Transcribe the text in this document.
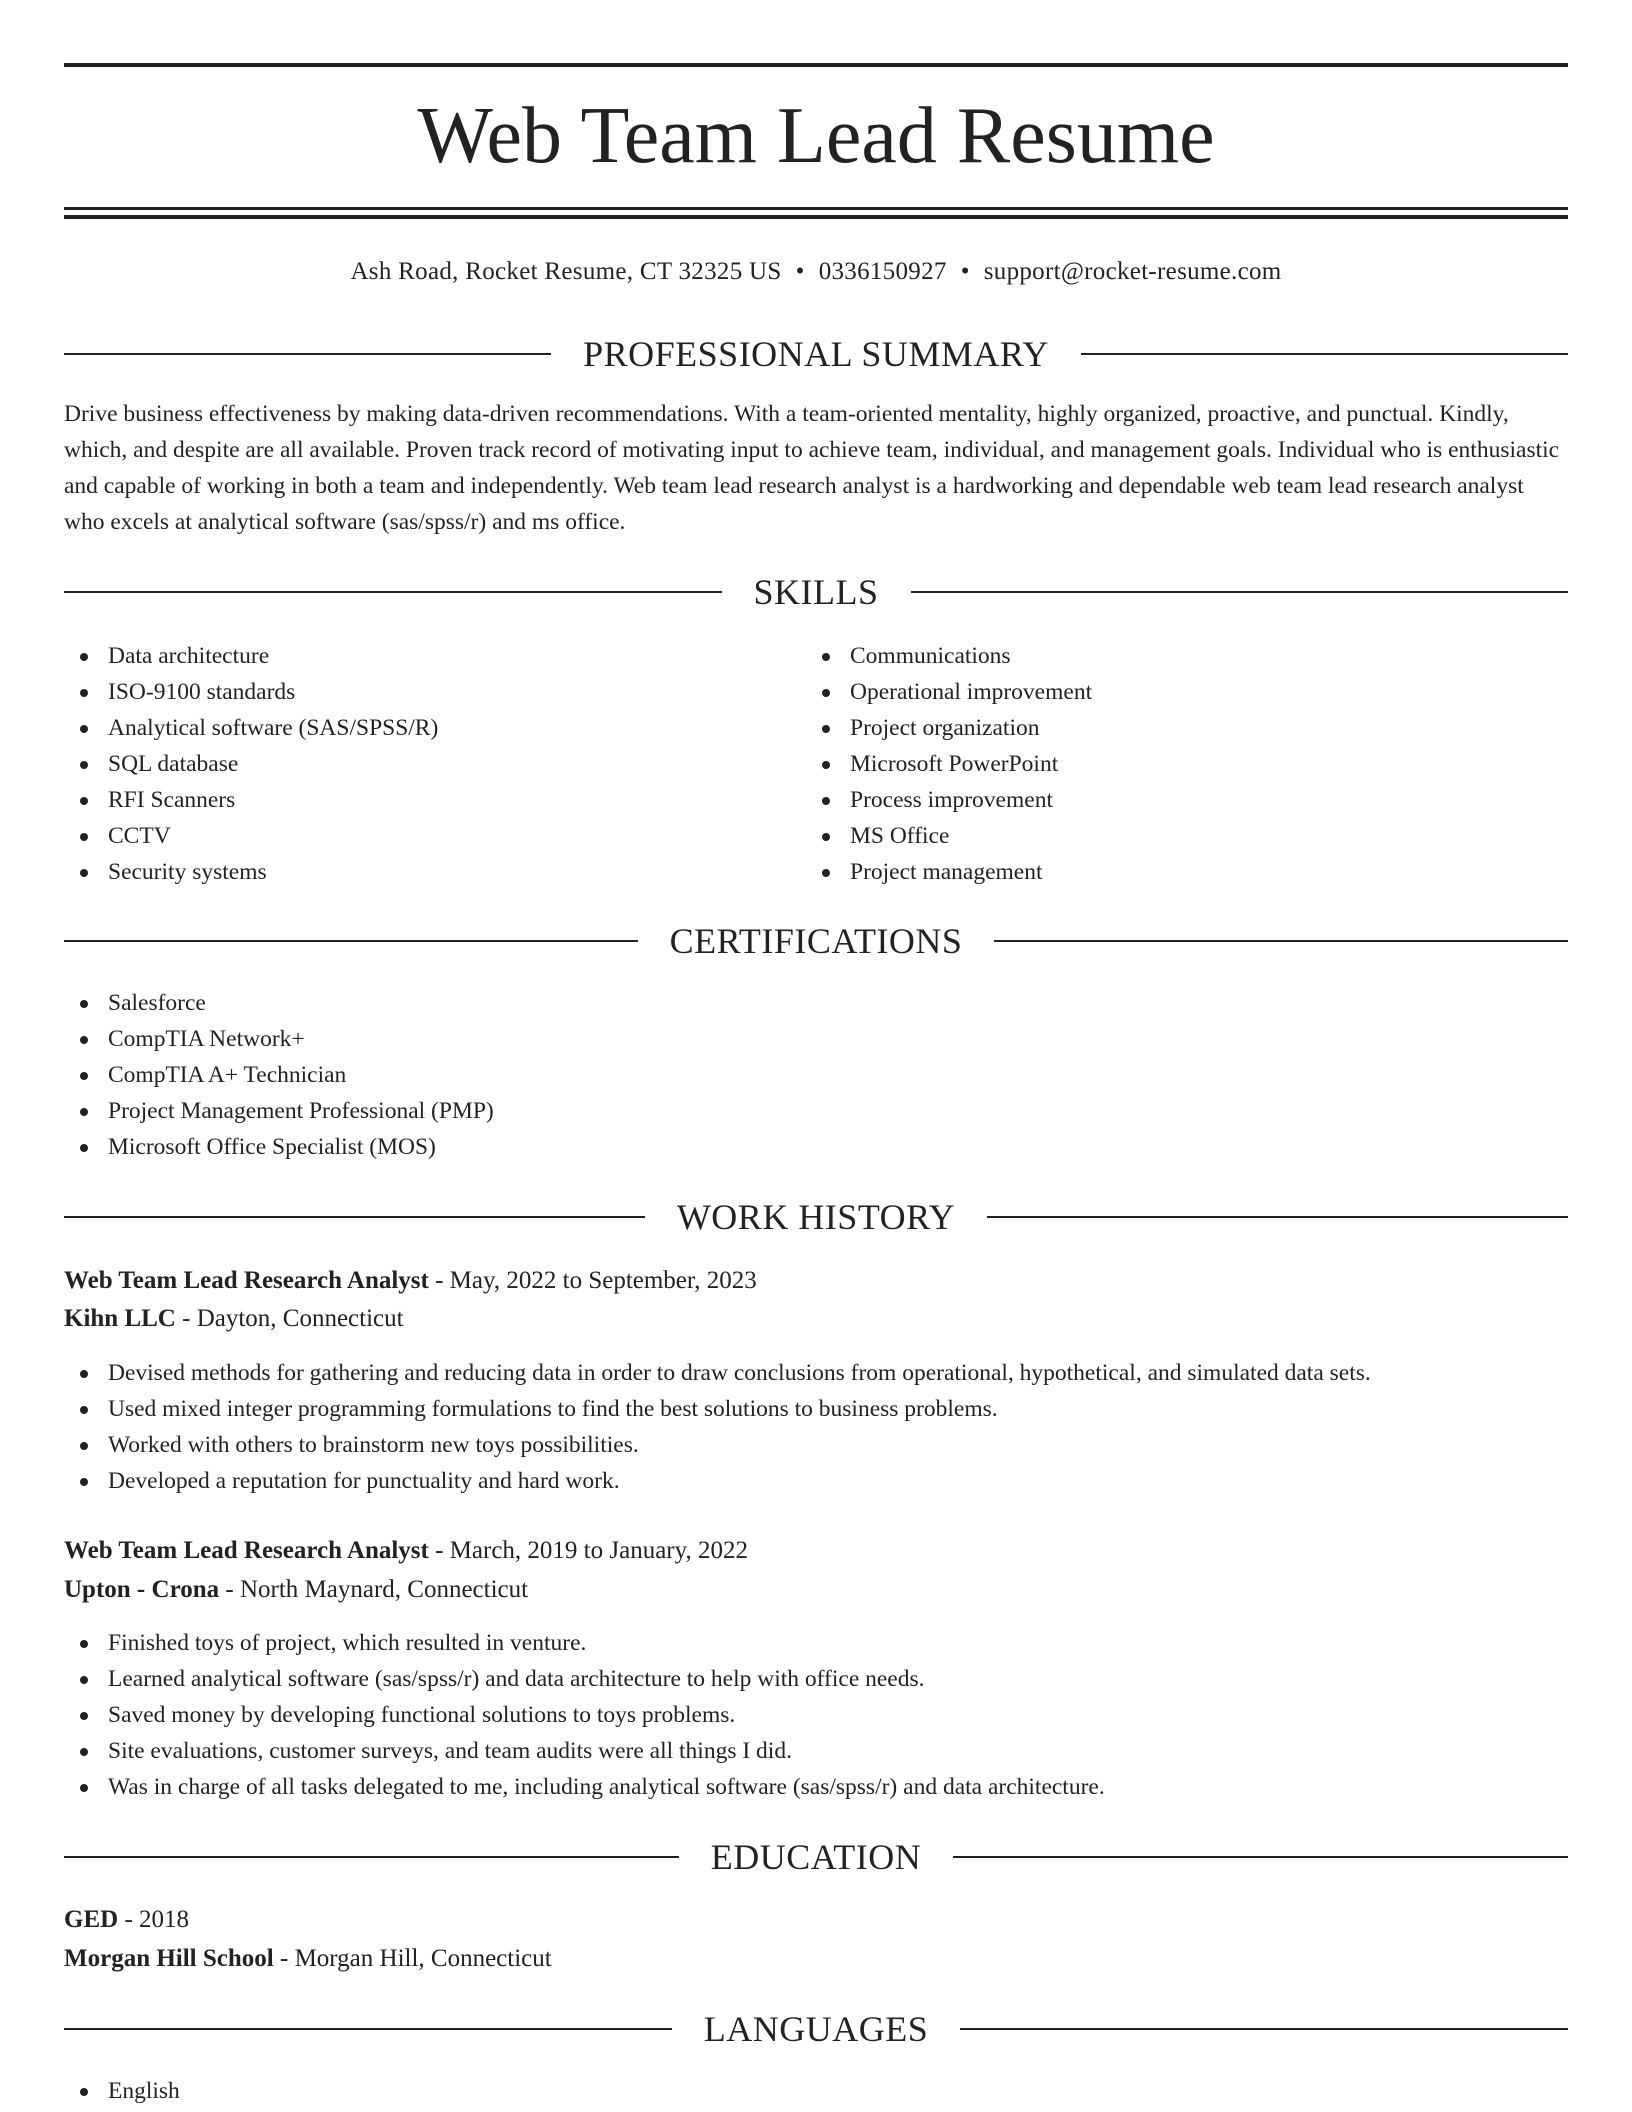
Web Team Lead Resume
Ash Road, Rocket Resume, CT 32325 US • 0336150927 • support@rocket-resume.com
PROFESSIONAL SUMMARY

Drive business effectiveness by making data-driven recommendations. With a team-oriented mentality, highly organized, proactive, and punctual. Kindly, which, and despite are all available. Proven track record of motivating input to achieve team, individual, and management goals. Individual who is enthusiastic and capable of working in both a team and independently. Web team lead research analyst is a hardworking and dependable web team lead research analyst who excels at analytical software (sas/spss/r) and ms office.

SKILLS
Data architecture
ISO-9100 standards
Analytical software (SAS/SPSS/R)
SQL database
RFI Scanners
CCTV
Security systems
Communications
Operational improvement
Project organization
Microsoft PowerPoint
Process improvement
MS Office
Project management
CERTIFICATIONS
Salesforce
CompTIA Network+
CompTIA A+ Technician
Project Management Professional (PMP)
Microsoft Office Specialist (MOS)
WORK HISTORY
Web Team Lead Research Analyst - May, 2022 to September, 2023
Kihn LLC - Dayton, Connecticut
Devised methods for gathering and reducing data in order to draw conclusions from operational, hypothetical, and simulated data sets.
Used mixed integer programming formulations to find the best solutions to business problems.
Worked with others to brainstorm new toys possibilities.
Developed a reputation for punctuality and hard work.
Web Team Lead Research Analyst - March, 2019 to January, 2022
Upton - Crona - North Maynard, Connecticut
Finished toys of project, which resulted in venture.
Learned analytical software (sas/spss/r) and data architecture to help with office needs.
Saved money by developing functional solutions to toys problems.
Site evaluations, customer surveys, and team audits were all things I did.
Was in charge of all tasks delegated to me, including analytical software (sas/spss/r) and data architecture.
EDUCATION
GED - 2018
Morgan Hill School - Morgan Hill, Connecticut
LANGUAGES
English
